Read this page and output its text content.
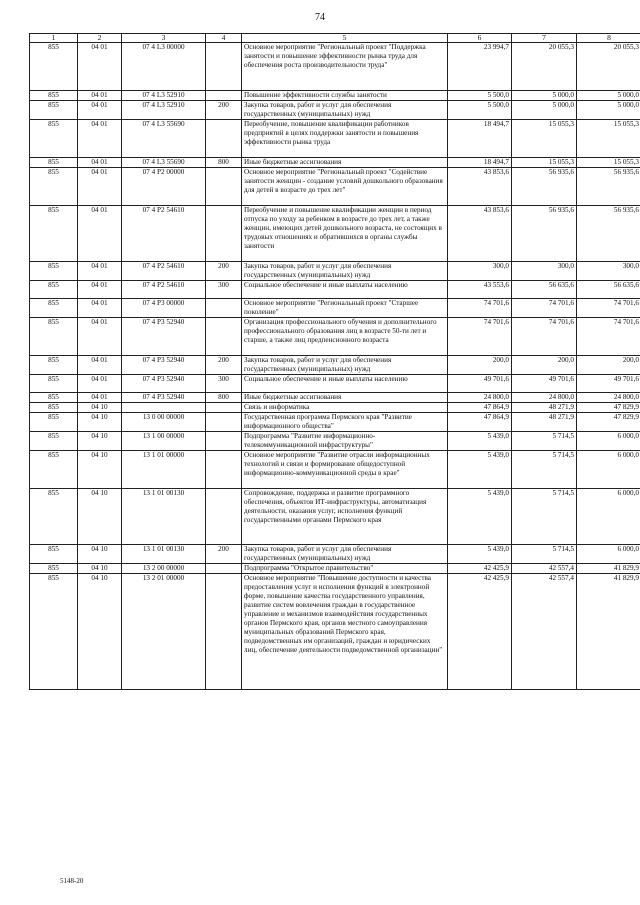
74
1	2	3	4	5	6	7	8
855	04 01	07 4 L3 00000		Основное мероприятие "Региональный проект "Поддержка занятости и повышение эффективности рынка труда для обеспечения роста производительности труда"	23 994,7	20 055,3	20 055,3
855	04 01	07 4 L3 52910		Повышение эффективности службы занятости	5 500,0	5 000,0	5 000,0
855	04 01	07 4 L3 52910	200	Закупка товаров, работ и услуг для обеспечения государственных (муниципальных) нужд	5 500,0	5 000,0	5 000,0
855	04 01	07 4 L3 55690		Переобучение, повышение квалификации работников предприятий в целях поддержки занятости и повышения эффективности рынка труда	18 494,7	15 055,3	15 055,3
855	04 01	07 4 L3 55690	800	Иные бюджетные ассигнования	18 494,7	15 055,3	15 055,3
855	04 01	07 4 P2 00000		Основное мероприятие "Региональный проект "Содействие занятости женщин - создание условий дошкольного образования для детей в возрасте до трех лет"	43 853,6	56 935,6	56 935,6
855	04 01	07 4 P2 54610		Переобучение и повышение квалификации женщин в период отпуска по уходу за ребенком в возрасте до трех лет, а также женщин, имеющих детей дошкольного возраста, не состоящих в трудовых отношениях и обратившихся в органы службы занятости	43 853,6	56 935,6	56 935,6
855	04 01	07 4 P2 54610	200	Закупка товаров, работ и услуг для обеспечения государственных (муниципальных) нужд	300,0	300,0	300,0
855	04 01	07 4 P2 54610	300	Социальное обеспечение и иные выплаты населению	43 553,6	56 635,6	56 635,6
855	04 01	07 4 P3 00000		Основное мероприятие "Региональный проект "Старшее поколение"	74 701,6	74 701,6	74 701,6
855	04 01	07 4 P3 52940		Организация профессионального обучения и дополнительного профессионального образования лиц в возрасте 50-ти лет и старше, а также лиц предпенсионного возраста	74 701,6	74 701,6	74 701,6
855	04 01	07 4 P3 52940	200	Закупка товаров, работ и услуг для обеспечения государственных (муниципальных) нужд	200,0	200,0	200,0
855	04 01	07 4 P3 52940	300	Социальное обеспечение и иные выплаты населению	49 701,6	49 701,6	49 701,6
855	04 01	07 4 P3 52940	800	Иные бюджетные ассигнования	24 800,0	24 800,0	24 800,0
855	04 10			Связь и информатика	47 864,9	48 271,9	47 829,9
855	04 10	13 0 00 00000		Государственная программа Пермского края "Развитие информационного общества"	47 864,9	48 271,9	47 829,9
855	04 10	13 1 00 00000		Подпрограмма "Развитие информационно-телекоммуникационной инфраструктуры"	5 439,0	5 714,5	6 000,0
855	04 10	13 1 01 00000		Основное мероприятие "Развитие отрасли информационных технологий и связи и формирование общедоступной информационно-коммуникационной среды в крае"	5 439,0	5 714,5	6 000,0
855	04 10	13 1 01 00130		Сопровождение, поддержка и развитие программного обеспечения, объектов ИТ-инфраструктуры, автоматизация деятельности, оказания услуг, исполнения функций государственными органами Пермского края	5 439,0	5 714,5	6 000,0
855	04 10	13 1 01 00130	200	Закупка товаров, работ и услуг для обеспечения государственных (муниципальных) нужд	5 439,0	5 714,5	6 000,0
855	04 10	13 2 00 00000		Подпрограмма "Открытое правительство"	42 425,9	42 557,4	41 829,9
855	04 10	13 2 01 00000		Основное мероприятие "Повышение доступности и качества предоставления услуг и исполнения функций в электронной форме, повышение качества государственного управления, развитие систем вовлечения граждан в государственное управление и механизмов взаимодействия государственных органов Пермского края, органов местного самоуправления муниципальных образований Пермского края, подведомственных им организаций, граждан и юридических лиц, обеспечение деятельности подведомственной организации"	42 425,9	42 557,4	41 829,9
5148-20
